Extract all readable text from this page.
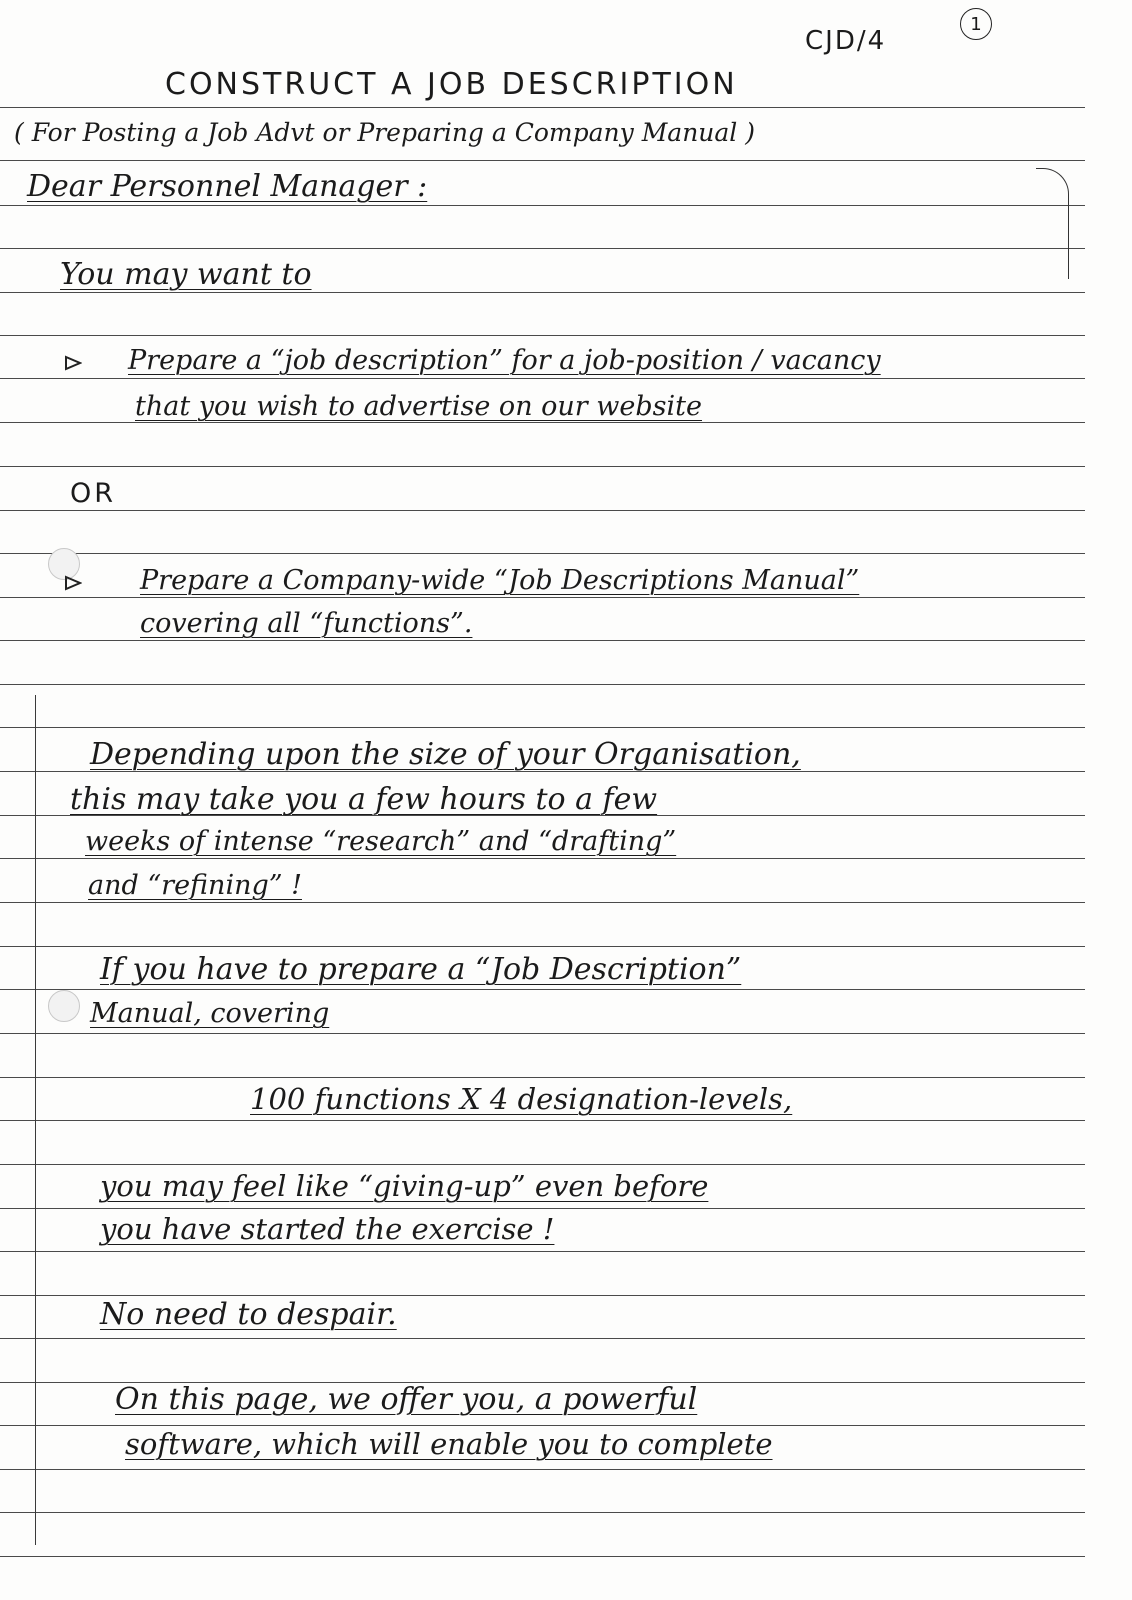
CJD/4
1
CONSTRUCT A JOB DESCRIPTION
( For Posting a Job Advt or Preparing a Company Manual )
Dear Personnel Manager :
You may want to
Prepare a “job description” for a job-position / vacancy
that you wish to advertise on our website
OR
Prepare a Company-wide “Job Descriptions Manual”
covering all “functions”.
Depending upon the size of your Organisation,
this may take you a few hours to a few
weeks of intense “research” and “drafting”
and “refining” !
If you have to prepare a “Job Description”
Manual, covering
100 functions X 4 designation-levels,
you may feel like “giving-up” even before
you have started the exercise !
No need to despair.
On this page, we offer you, a powerful
software, which will enable you to complete
